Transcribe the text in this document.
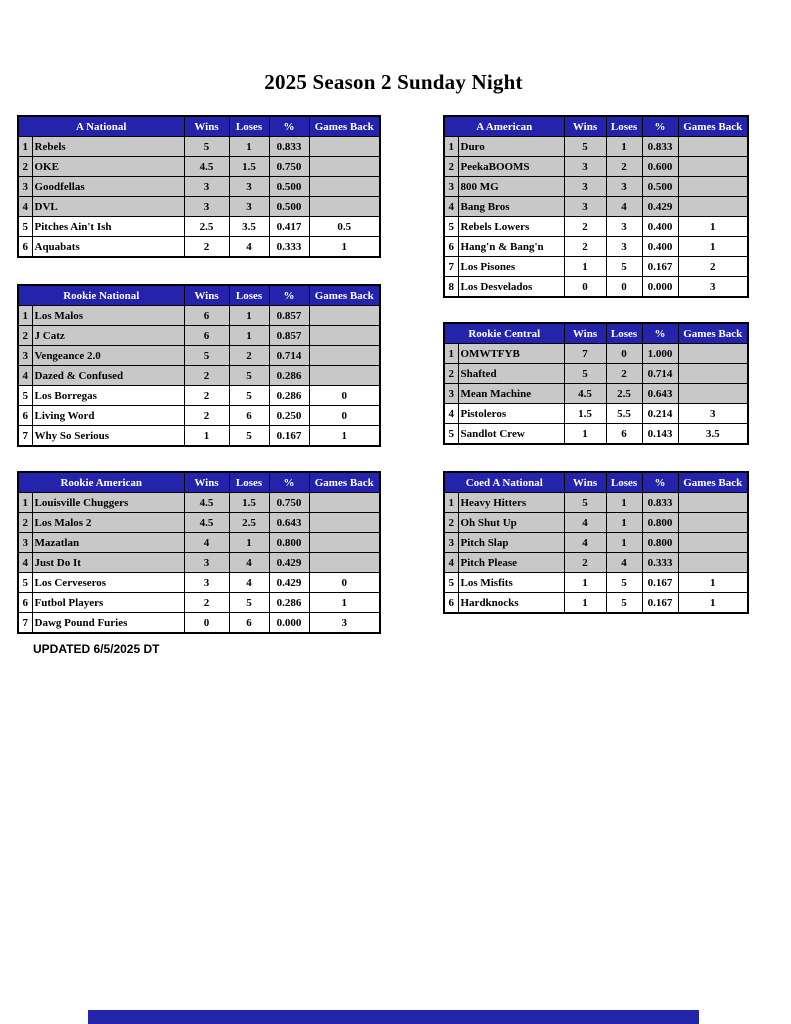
2025 Season 2 Sunday Night
A National		Wins	Loses	%	Games Back
1	Rebels	5	1	0.833	
2	OKE	4.5	1.5	0.750	
3	Goodfellas	3	3	0.500	
4	DVL	3	3	0.500	
5	Pitches Ain't Ish	2.5	3.5	0.417	0.5
6	Aquabats	2	4	0.333	1
A American		Wins	Loses	%	Games Back
1	Duro	5	1	0.833	
2	PeekaBOOMS	3	2	0.600	
3	800 MG	3	3	0.500	
4	Bang Bros	3	4	0.429	
5	Rebels Lowers	2	3	0.400	1
6	Hang'n & Bang'n	2	3	0.400	1
7	Los Pisones	1	5	0.167	2
8	Los Desvelados	0	0	0.000	3
Rookie National		Wins	Loses	%	Games Back
1	Los Malos	6	1	0.857	
2	J Catz	6	1	0.857	
3	Vengeance 2.0	5	2	0.714	
4	Dazed & Confused	2	5	0.286	
5	Los Borregas	2	5	0.286	0
6	Living Word	2	6	0.250	0
7	Why So Serious	1	5	0.167	1
Rookie Central		Wins	Loses	%	Games Back
1	OMWTFYB	7	0	1.000	
2	Shafted	5	2	0.714	
3	Mean Machine	4.5	2.5	0.643	
4	Pistoleros	1.5	5.5	0.214	3
5	Sandlot Crew	1	6	0.143	3.5
Rookie American		Wins	Loses	%	Games Back
1	Louisville Chuggers	4.5	1.5	0.750	
2	Los Malos 2	4.5	2.5	0.643	
3	Mazatlan	4	1	0.800	
4	Just Do It	3	4	0.429	
5	Los Cerveseros	3	4	0.429	0
6	Futbol Players	2	5	0.286	1
7	Dawg Pound Furies	0	6	0.000	3
Coed A National		Wins	Loses	%	Games Back
1	Heavy Hitters	5	1	0.833	
2	Oh Shut Up	4	1	0.800	
3	Pitch Slap	4	1	0.800	
4	Pitch Please	2	4	0.333	
5	Los Misfits	1	5	0.167	1
6	Hardknocks	1	5	0.167	1
UPDATED 6/5/2025 DT
